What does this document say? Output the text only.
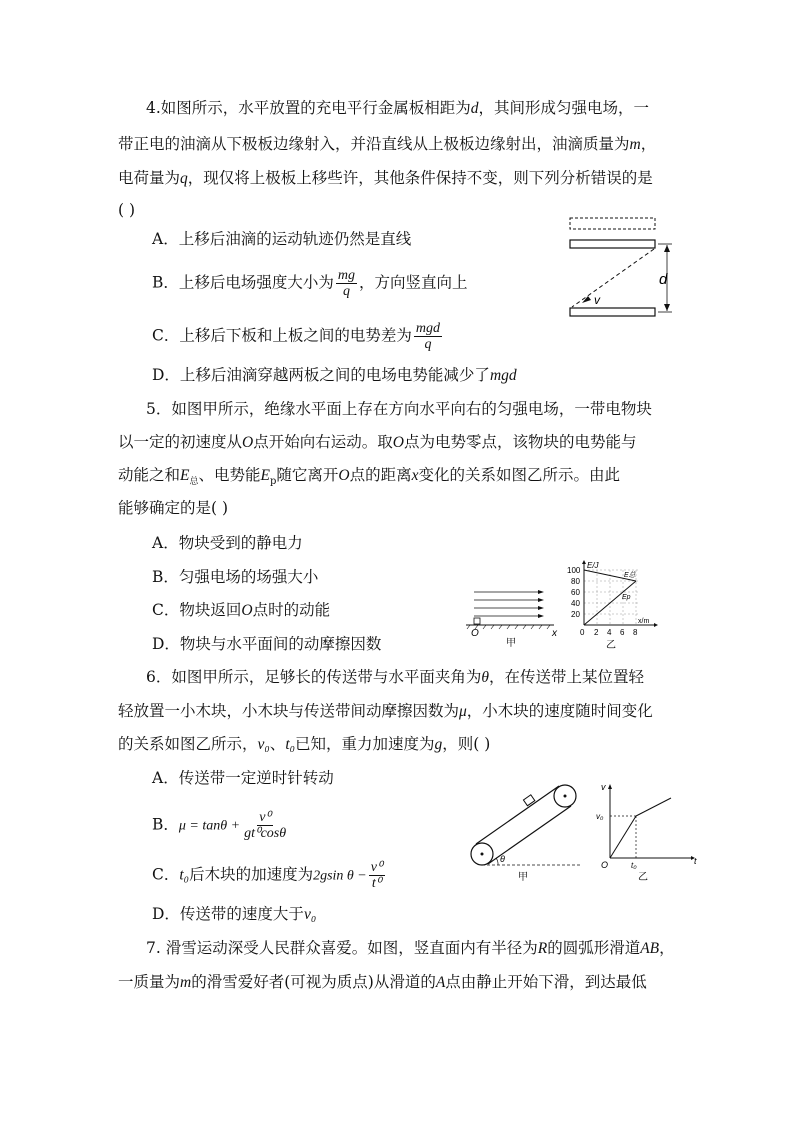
4.如图所示，水平放置的充电平行金属板相距为d，其间形成匀强电场，一
带正电的油滴从下极板边缘射入，并沿直线从上极板边缘射出，油滴质量为m，
电荷量为q，现仅将上极板上移些许，其他条件保持不变，则下列分析错误的是
( )
A．上移后油滴的运动轨迹仍然是直线
B．上移后电场强度大小为 $\frac{mg}{q}$ ，方向竖直向上
C．上移后下板和上板之间的电势差为 $\frac{\text{mgd}}{q}$
D．上移后油滴穿越两板之间的电场电势能减少了mgd
v
d
5．如图甲所示，绝缘水平面上存在方向水平向右的匀强电场，一带电物块
以一定的初速度从O点开始向右运动。取O点为电势零点，该物块的电势能与
动能之和$E_总$、电势能$E_p$随它离开O点的距离x变化的关系如图乙所示。由此
能够确定的是( )
A．物块受到的静电力
B．匀强电场的场强大小
C．物块返回O点时的动能
D．物块与水平面间的动摩擦因数
O	x
甲
E/J
x/m
100
80
60
40
20
0 2 4 6 8
E总
Ep
乙
6．如图甲所示，足够长的传送带与水平面夹角为θ，在传送带上某位置轻
轻放置一小木块，小木块与传送带间动摩擦因数为μ，小木块的速度随时间变化
的关系如图乙所示，v₀、t₀已知，重力加速度为g，则( )
A．传送带一定逆时针转动
B．$\mu = \tan\theta + \frac{\text{v⁰}}{\text{gt⁰cosθ}}$
C．t₀后木块的加速度为2gsin $\theta - \frac{\text{v⁰}}{\text{t⁰}}$
D．传送带的速度大于v₀
θ
甲
v
v₀
t₀
O	t
乙
7. 滑雪运动深受人民群众喜爱。如图，竖直面内有半径为R的圆弧形滑道AB，
一质量为m的滑雪爱好者(可视为质点)从滑道的A点由静止开始下滑，到达最低
